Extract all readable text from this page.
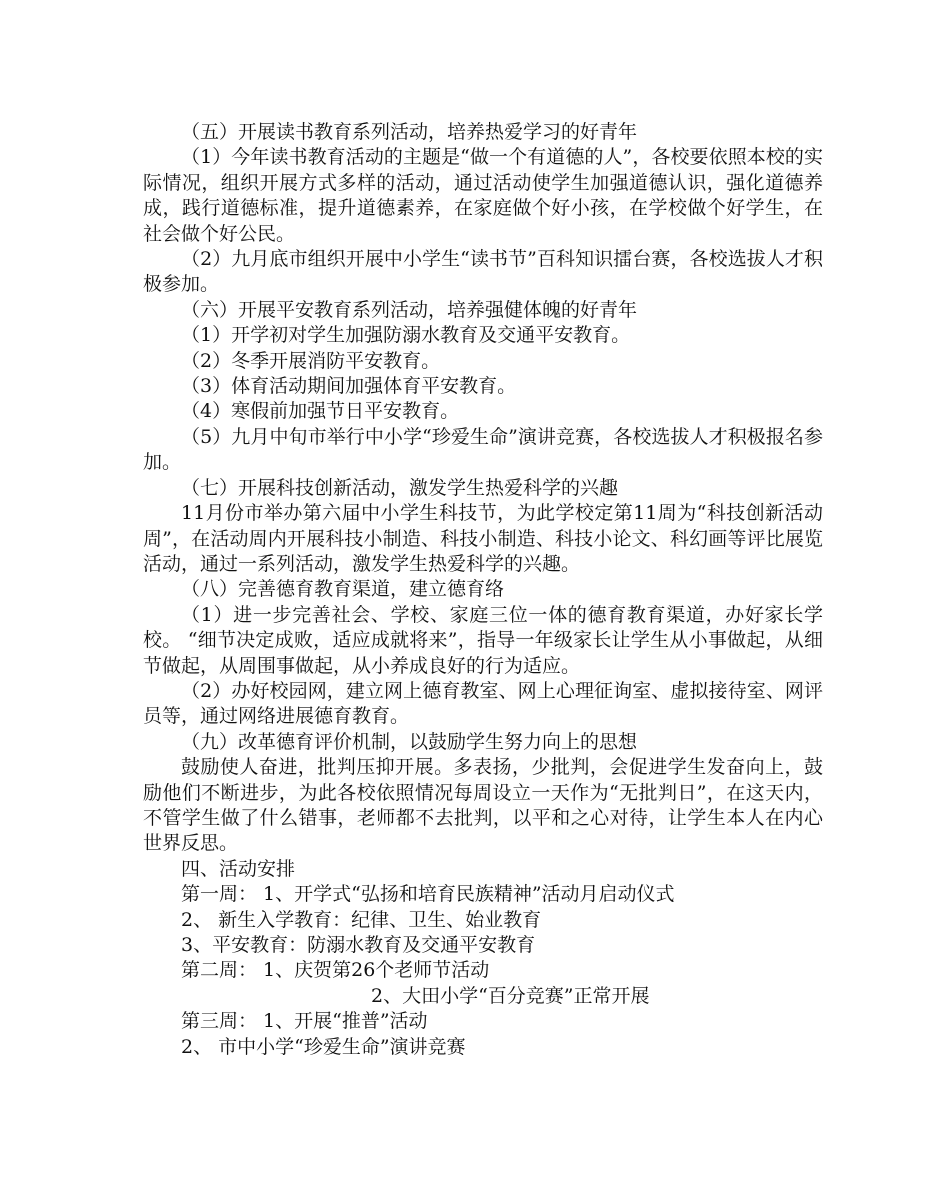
（五）开展读书教育系列活动，培养热爱学习的好青年

（1）今年读书教育活动的主题是“做一个有道德的人”，各校要依照本校的实际情况，组织开展方式多样的活动，通过活动使学生加强道德认识，强化道德养成，践行道德标准，提升道德素养，在家庭做个好小孩，在学校做个好学生，在社会做个好公民。

（2）九月底市组织开展中小学生“读书节”百科知识擂台赛，各校选拔人才积极参加。

（六）开展平安教育系列活动，培养强健体魄的好青年

（1）开学初对学生加强防溺水教育及交通平安教育。

（2）冬季开展消防平安教育。

（3）体育活动期间加强体育平安教育。

（4）寒假前加强节日平安教育。

（5）九月中旬市举行中小学“珍爱生命”演讲竞赛，各校选拔人才积极报名参加。

（七）开展科技创新活动，激发学生热爱科学的兴趣

11月份市举办第六届中小学生科技节，为此学校定第11周为“科技创新活动周”，在活动周内开展科技小制造、科技小制造、科技小论文、科幻画等评比展览活动，通过一系列活动，激发学生热爱科学的兴趣。

（八）完善德育教育渠道，建立德育络

（1）进一步完善社会、学校、家庭三位一体的德育教育渠道，办好家长学校。 “细节决定成败，适应成就将来”，指导一年级家长让学生从小事做起，从细节做起，从周围事做起，从小养成良好的行为适应。

（2）办好校园网，建立网上德育教室、网上心理征询室、虚拟接待室、网评员等，通过网络进展德育教育。

（九）改革德育评价机制，以鼓励学生努力向上的思想

鼓励使人奋进，批判压抑开展。多表扬，少批判，会促进学生发奋向上，鼓励他们不断进步，为此各校依照情况每周设立一天作为“无批判日”，在这天内，不管学生做了什么错事，老师都不去批判，以平和之心对待，让学生本人在内心世界反思。

四、活动安排

第一周： 1、开学式“弘扬和培育民族精神”活动月启动仪式

2、 新生入学教育：纪律、卫生、始业教育

3、平安教育：防溺水教育及交通平安教育

第二周： 1、庆贺第26个老师节活动

2、大田小学“百分竞赛”正常开展

第三周： 1、开展“推普”活动

2、 市中小学“珍爱生命”演讲竞赛
